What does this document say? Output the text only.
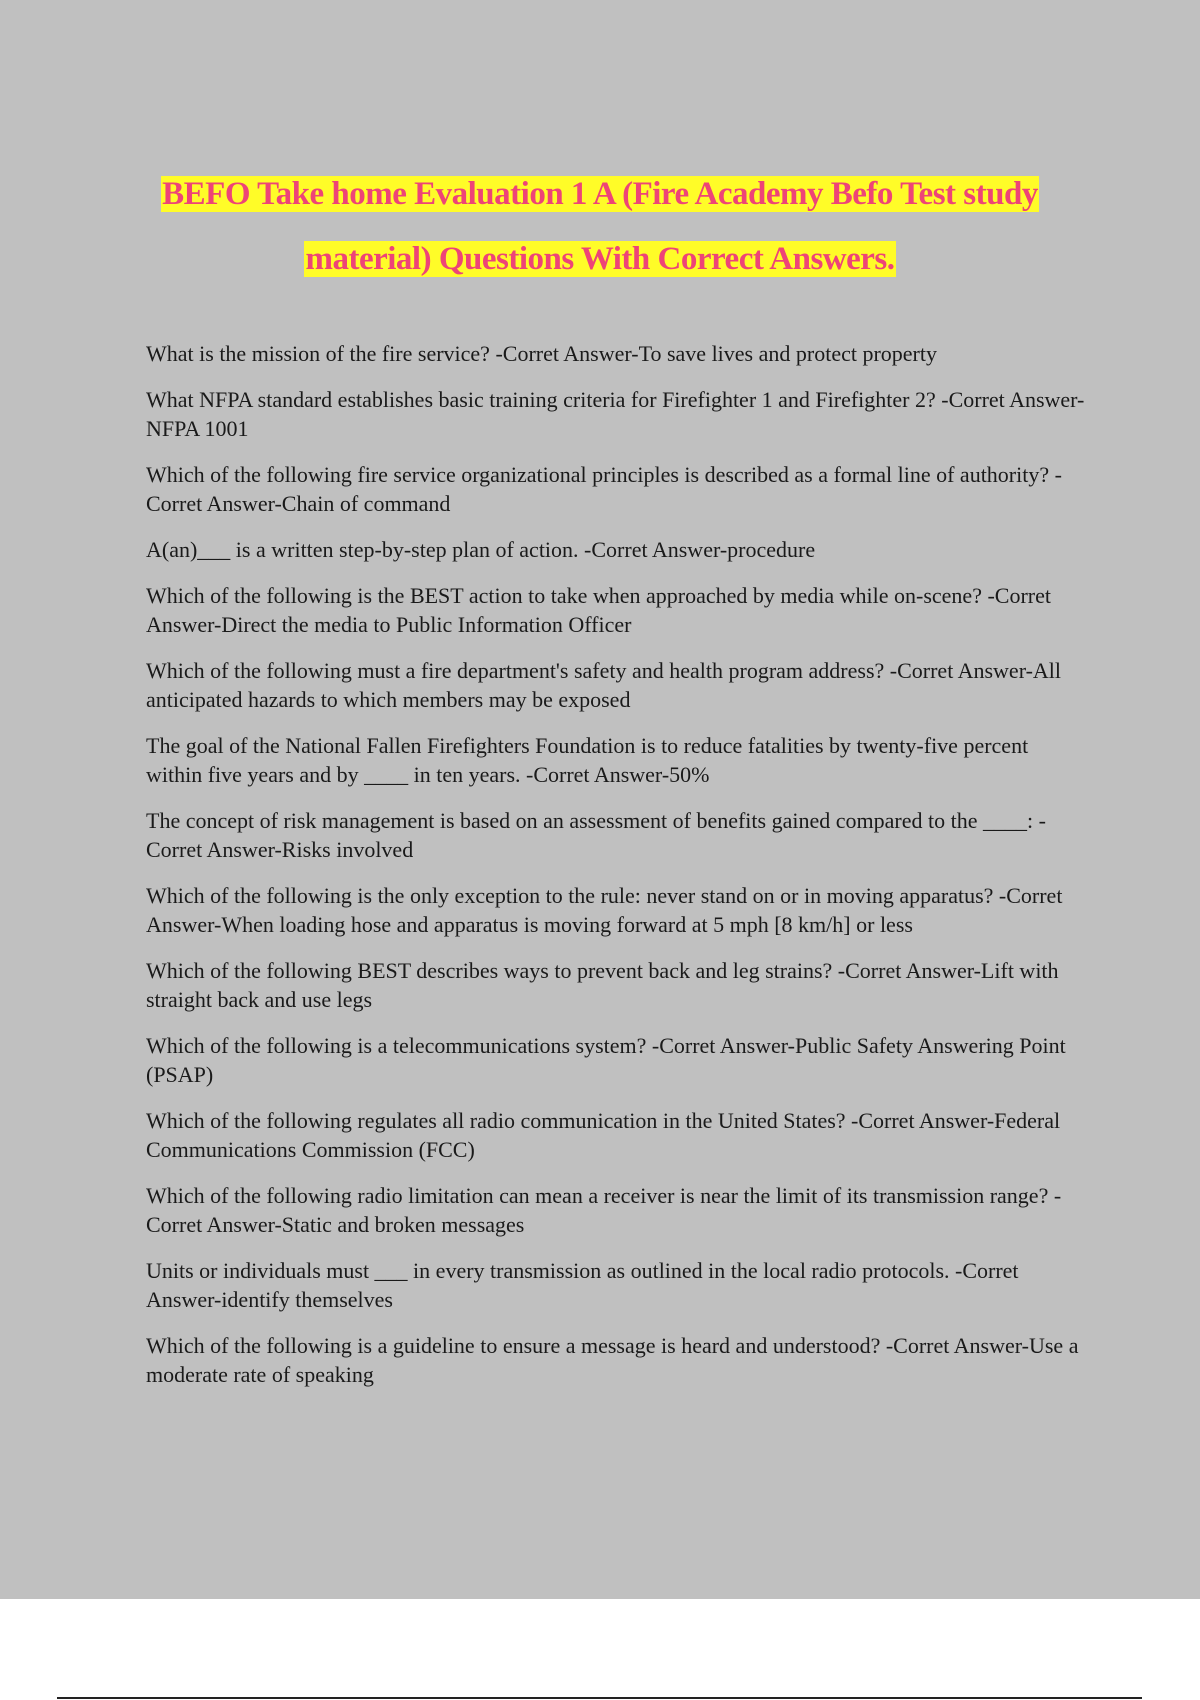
BEFO Take home Evaluation 1 A (Fire Academy Befo Test study
material) Questions With Correct Answers.
What is the mission of the fire service? -Corret Answer-To save lives and protect property
What NFPA standard establishes basic training criteria for Firefighter 1 and Firefighter 2? -Corret Answer-NFPA 1001
Which of the following fire service organizational principles is described as a formal line of authority? -Corret Answer-Chain of command
A(an)___ is a written step-by-step plan of action. -Corret Answer-procedure
Which of the following is the BEST action to take when approached by media while on-scene? -Corret Answer-Direct the media to Public Information Officer
Which of the following must a fire department's safety and health program address? -Corret Answer-All anticipated hazards to which members may be exposed
The goal of the National Fallen Firefighters Foundation is to reduce fatalities by twenty-five percent within five years and by ____ in ten years. -Corret Answer-50%
The concept of risk management is based on an assessment of benefits gained compared to the ____: -Corret Answer-Risks involved
Which of the following is the only exception to the rule: never stand on or in moving apparatus? -Corret Answer-When loading hose and apparatus is moving forward at 5 mph [8 km/h] or less
Which of the following BEST describes ways to prevent back and leg strains? -Corret Answer-Lift with straight back and use legs
Which of the following is a telecommunications system? -Corret Answer-Public Safety Answering Point (PSAP)
Which of the following regulates all radio communication in the United States? -Corret Answer-Federal Communications Commission (FCC)
Which of the following radio limitation can mean a receiver is near the limit of its transmission range? -Corret Answer-Static and broken messages
Units or individuals must ___ in every transmission as outlined in the local radio protocols. -Corret Answer-identify themselves
Which of the following is a guideline to ensure a message is heard and understood? -Corret Answer-Use a moderate rate of speaking
